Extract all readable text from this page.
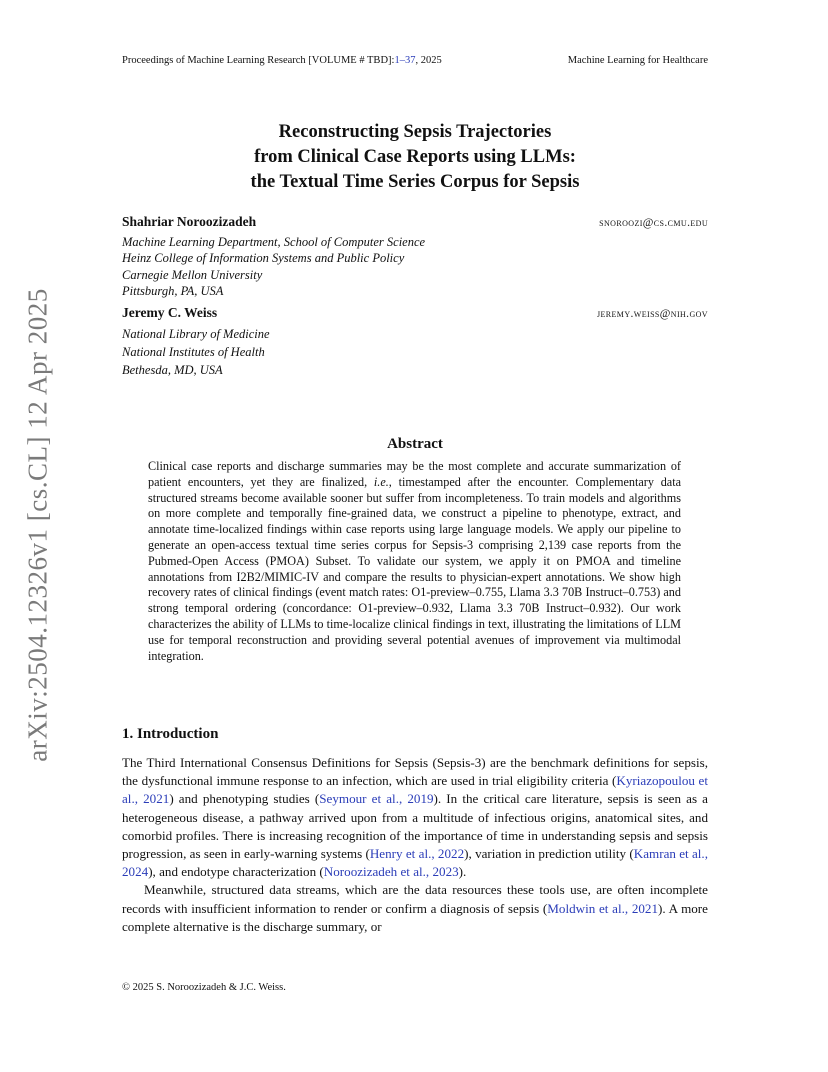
arXiv:2504.12326v1 [cs.CL] 12 Apr 2025
Proceedings of Machine Learning Research [VOLUME # TBD]:1–37, 2025	Machine Learning for Healthcare
Reconstructing Sepsis Trajectories
from Clinical Case Reports using LLMs:
the Textual Time Series Corpus for Sepsis
Shahriar Noroozizadeh	snoroozi@cs.cmu.edu
Machine Learning Department, School of Computer Science
Heinz College of Information Systems and Public Policy
Carnegie Mellon University
Pittsburgh, PA, USA
Jeremy C. Weiss	jeremy.weiss@nih.gov
National Library of Medicine
National Institutes of Health
Bethesda, MD, USA
Abstract
Clinical case reports and discharge summaries may be the most complete and accurate summarization of patient encounters, yet they are finalized, i.e., timestamped after the encounter. Complementary data structured streams become available sooner but suffer from incompleteness. To train models and algorithms on more complete and temporally fine-grained data, we construct a pipeline to phenotype, extract, and annotate time-localized findings within case reports using large language models. We apply our pipeline to generate an open-access textual time series corpus for Sepsis-3 comprising 2,139 case reports from the Pubmed-Open Access (PMOA) Subset. To validate our system, we apply it on PMOA and timeline annotations from I2B2/MIMIC-IV and compare the results to physician-expert annotations. We show high recovery rates of clinical findings (event match rates: O1-preview–0.755, Llama 3.3 70B Instruct–0.753) and strong temporal ordering (concordance: O1-preview–0.932, Llama 3.3 70B Instruct–0.932). Our work characterizes the ability of LLMs to time-localize clinical findings in text, illustrating the limitations of LLM use for temporal reconstruction and providing several potential avenues of improvement via multimodal integration.
1. Introduction

The Third International Consensus Definitions for Sepsis (Sepsis-3) are the benchmark definitions for sepsis, the dysfunctional immune response to an infection, which are used in trial eligibility criteria (Kyriazopoulou et al., 2021) and phenotyping studies (Seymour et al., 2019). In the critical care literature, sepsis is seen as a heterogeneous disease, a pathway arrived upon from a multitude of infectious origins, anatomical sites, and comorbid profiles. There is increasing recognition of the importance of time in understanding sepsis and sepsis progression, as seen in early-warning systems (Henry et al., 2022), variation in prediction utility (Kamran et al., 2024), and endotype characterization (Noroozizadeh et al., 2023).

Meanwhile, structured data streams, which are the data resources these tools use, are often incomplete records with insufficient information to render or confirm a diagnosis of sepsis (Moldwin et al., 2021). A more complete alternative is the discharge summary, or

© 2025 S. Noroozizadeh & J.C. Weiss.
